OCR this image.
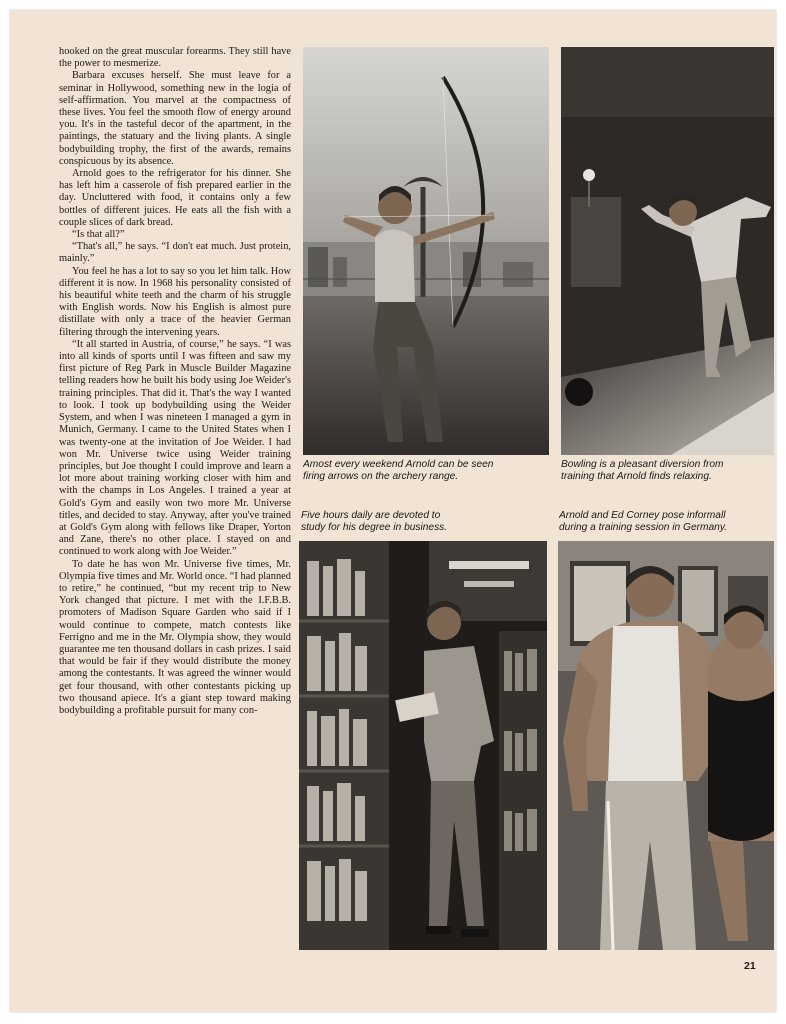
hooked on the great muscular forearms. They still have the power to mesmerize.

Barbara excuses herself. She must leave for a seminar in Hollywood, something new in the logia of self-affirmation. You marvel at the compactness of these lives. You feel the smooth flow of energy around you. It's in the tasteful decor of the apartment, in the paintings, the statuary and the living plants. A single bodybuilding trophy, the first of the awards, remains conspicuous by its absence.

Arnold goes to the refrigerator for his dinner. She has left him a casserole of fish prepared earlier in the day. Uncluttered with food, it contains only a few bottles of different juices. He eats all the fish with a couple slices of dark bread.

“Is that all?”

“That's all,” he says. “I don't eat much. Just protein, mainly.”

You feel he has a lot to say so you let him talk. How different it is now. In 1968 his personality consisted of his beautiful white teeth and the charm of his struggle with English words. Now his English is almost pure distillate with only a trace of the heavier German filtering through the intervening years.

“It all started in Austria, of course,” he says. “I was into all kinds of sports until I was fifteen and saw my first picture of Reg Park in Muscle Builder Magazine telling readers how he built his body using Joe Weider's training principles. That did it. That's the way I wanted to look. I took up bodybuilding using the Weider System, and when I was nineteen I managed a gym in Munich, Germany. I came to the United States when I was twenty-one at the invitation of Joe Weider. I had won Mr. Universe twice using Weider training principles, but Joe thought I could improve and learn a lot more about training working closer with him and with the champs in Los Angeles. I trained a year at Gold's Gym and easily won two more Mr. Universe titles, and decided to stay. Anyway, after you've trained at Gold's Gym along with fellows like Draper, Yorton and Zane, there's no other place. I stayed on and continued to work along with Joe Weider.”

To date he has won Mr. Universe five times, Mr. Olympia five times and Mr. World once. “I had planned to retire,” he continued, “but my recent trip to New York changed that picture. I met with the I.F.B.B. promoters of Madison Square Garden who said if I would continue to compete, match contests like Ferrigno and me in the Mr. Olympia show, they would guarantee me ten thousand dollars in cash prizes. I said that would be fair if they would distribute the money among the contestants. It was agreed the winner would get four thousand, with other contestants picking up two thousand apiece. It's a giant step toward making bodybuilding a profitable pursuit for many con-

Amost every weekend Arnold can be seen
firing arrows on the archery range.
Bowling is a pleasant diversion from
training that Arnold finds relaxing.
Five hours daily are devoted to
study for his degree in business.
Arnold and Ed Corney pose informall
during a training session in Germany.
21
